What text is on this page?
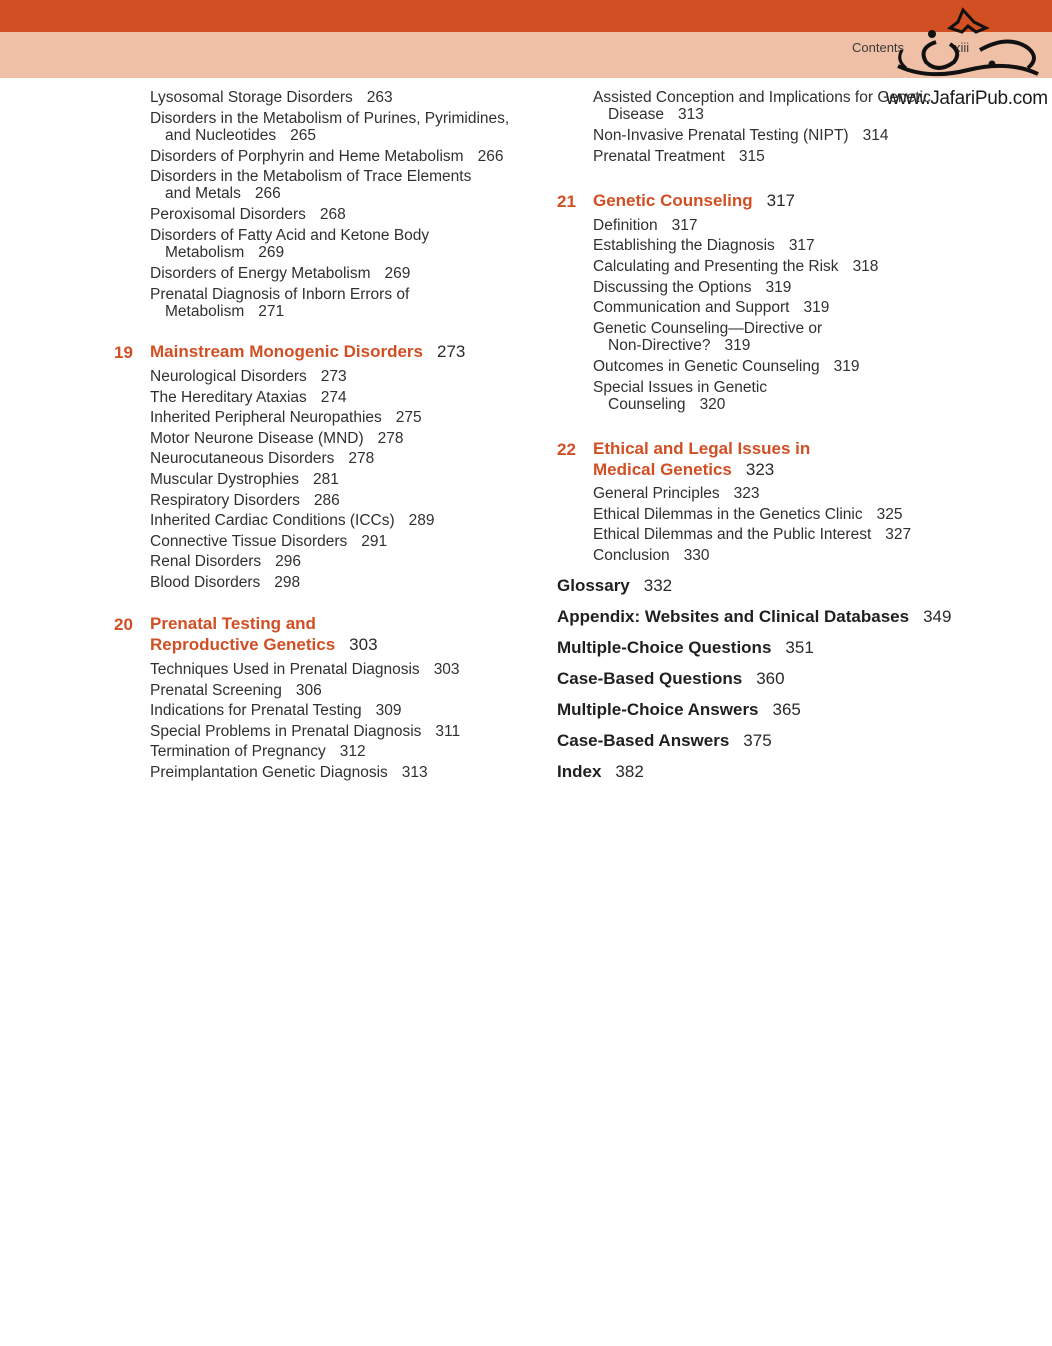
Contents	xiii
www.JafariPub.com
Lysosomal Storage Disorders 263
Disorders in the Metabolism of Purines, Pyrimidines,
and Nucleotides 265
Disorders of Porphyrin and Heme Metabolism 266
Disorders in the Metabolism of Trace Elements
and Metals 266
Peroxisomal Disorders 268
Disorders of Fatty Acid and Ketone Body
Metabolism 269
Disorders of Energy Metabolism 269
Prenatal Diagnosis of Inborn Errors of
Metabolism 271
19 Mainstream Monogenic Disorders 273
Neurological Disorders 273
The Hereditary Ataxias 274
Inherited Peripheral Neuropathies 275
Motor Neurone Disease (MND) 278
Neurocutaneous Disorders 278
Muscular Dystrophies 281
Respiratory Disorders 286
Inherited Cardiac Conditions (ICCs) 289
Connective Tissue Disorders 291
Renal Disorders 296
Blood Disorders 298
20 Prenatal Testing and
Reproductive Genetics 303
Techniques Used in Prenatal Diagnosis 303
Prenatal Screening 306
Indications for Prenatal Testing 309
Special Problems in Prenatal Diagnosis 311
Termination of Pregnancy 312
Preimplantation Genetic Diagnosis 313
Assisted Conception and Implications for Genetic
Disease 313
Non-Invasive Prenatal Testing (NIPT) 314
Prenatal Treatment 315
21 Genetic Counseling 317
Definition 317
Establishing the Diagnosis 317
Calculating and Presenting the Risk 318
Discussing the Options 319
Communication and Support 319
Genetic Counseling—Directive or
Non-Directive? 319
Outcomes in Genetic Counseling 319
Special Issues in Genetic
Counseling 320
22 Ethical and Legal Issues in
Medical Genetics 323
General Principles 323
Ethical Dilemmas in the Genetics Clinic 325
Ethical Dilemmas and the Public Interest 327
Conclusion 330
Glossary 332
Appendix: Websites and Clinical Databases 349
Multiple-Choice Questions 351
Case-Based Questions 360
Multiple-Choice Answers 365
Case-Based Answers 375
Index 382
